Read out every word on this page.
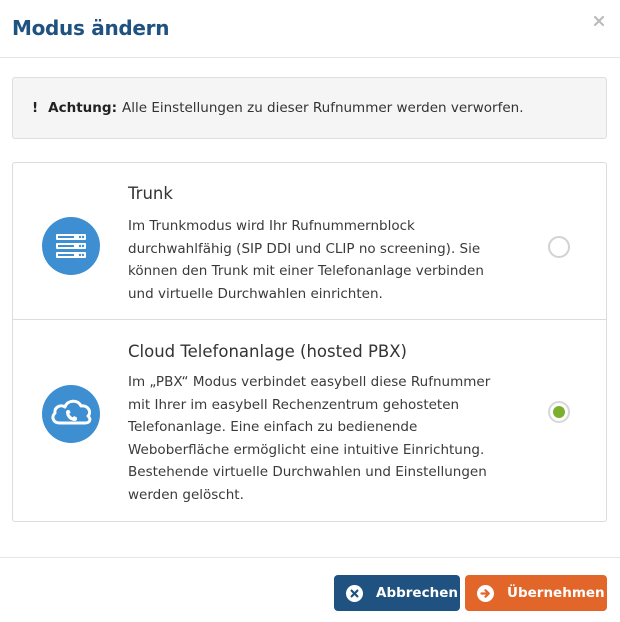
Modus ändern
! Achtung: Alle Einstellungen zu dieser Rufnummer werden verworfen.
Trunk
Im Trunkmodus wird Ihr Rufnummernblock
durchwahlfähig (SIP DDI und CLIP no screening). Sie
können den Trunk mit einer Telefonanlage verbinden
und virtuelle Durchwahlen einrichten.
Cloud Telefonanlage (hosted PBX)
Im „PBX“ Modus verbindet easybell diese Rufnummer
mit Ihrer im easybell Rechenzentrum gehosteten
Telefonanlage. Eine einfach zu bedienende
Weboberfläche ermöglicht eine intuitive Einrichtung.
Bestehende virtuelle Durchwahlen und Einstellungen
werden gelöscht.
Abbrechen	Übernehmen
